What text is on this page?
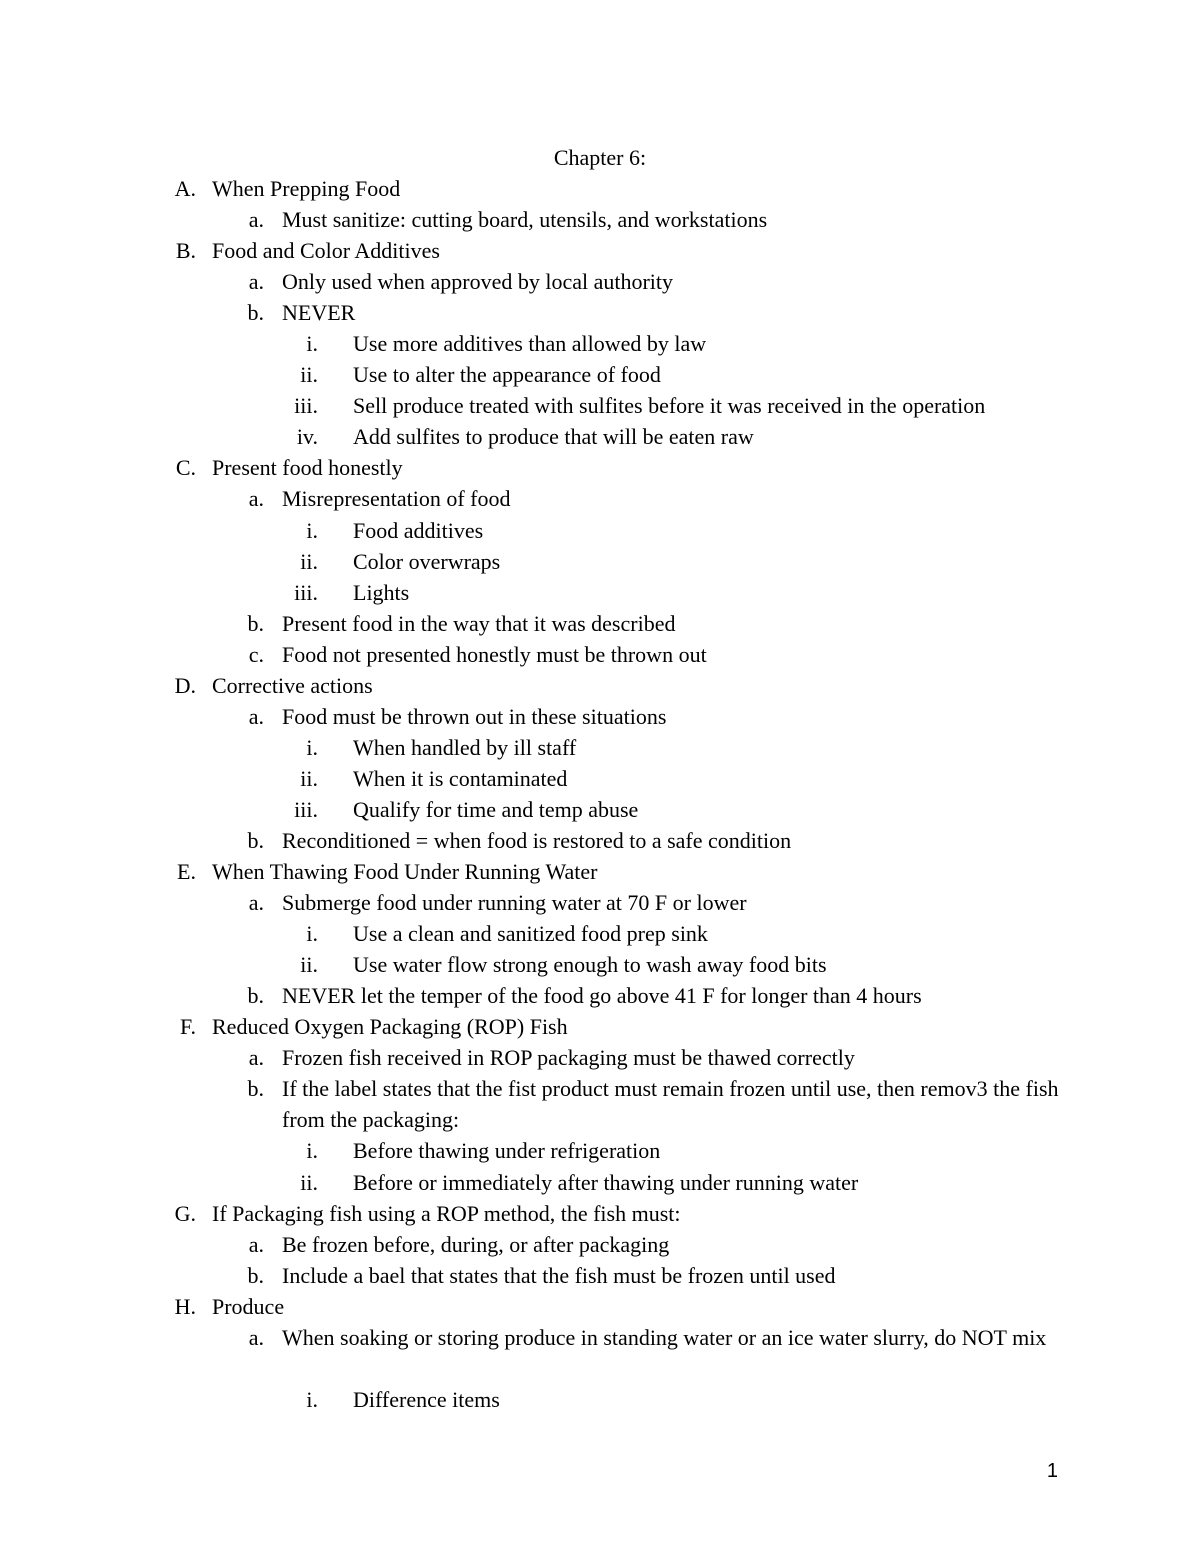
Chapter 6:
A. When Prepping Food
a. Must sanitize: cutting board, utensils, and workstations
B. Food and Color Additives
a. Only used when approved by local authority
b. NEVER
i. Use more additives than allowed by law
ii. Use to alter the appearance of food
iii. Sell produce treated with sulfites before it was received in the operation
iv. Add sulfites to produce that will be eaten raw
C. Present food honestly
a. Misrepresentation of food
i. Food additives
ii. Color overwraps
iii. Lights
b. Present food in the way that it was described
c. Food not presented honestly must be thrown out
D. Corrective actions
a. Food must be thrown out in these situations
i. When handled by ill staff
ii. When it is contaminated
iii. Qualify for time and temp abuse
b. Reconditioned = when food is restored to a safe condition
E. When Thawing Food Under Running Water
a. Submerge food under running water at 70 F or lower
i. Use a clean and sanitized food prep sink
ii. Use water flow strong enough to wash away food bits
b. NEVER let the temper of the food go above 41 F for longer than 4 hours
F. Reduced Oxygen Packaging (ROP) Fish
a. Frozen fish received in ROP packaging must be thawed correctly
b. If the label states that the fist product must remain frozen until use, then remov3 the fish from the packaging:
i. Before thawing under refrigeration
ii. Before or immediately after thawing under running water
G. If Packaging fish using a ROP method, the fish must:
a. Be frozen before, during, or after packaging
b. Include a bael that states that the fish must be frozen until used
H. Produce
a. When soaking or storing produce in standing water or an ice water slurry, do NOT mix
i. Difference items
1
